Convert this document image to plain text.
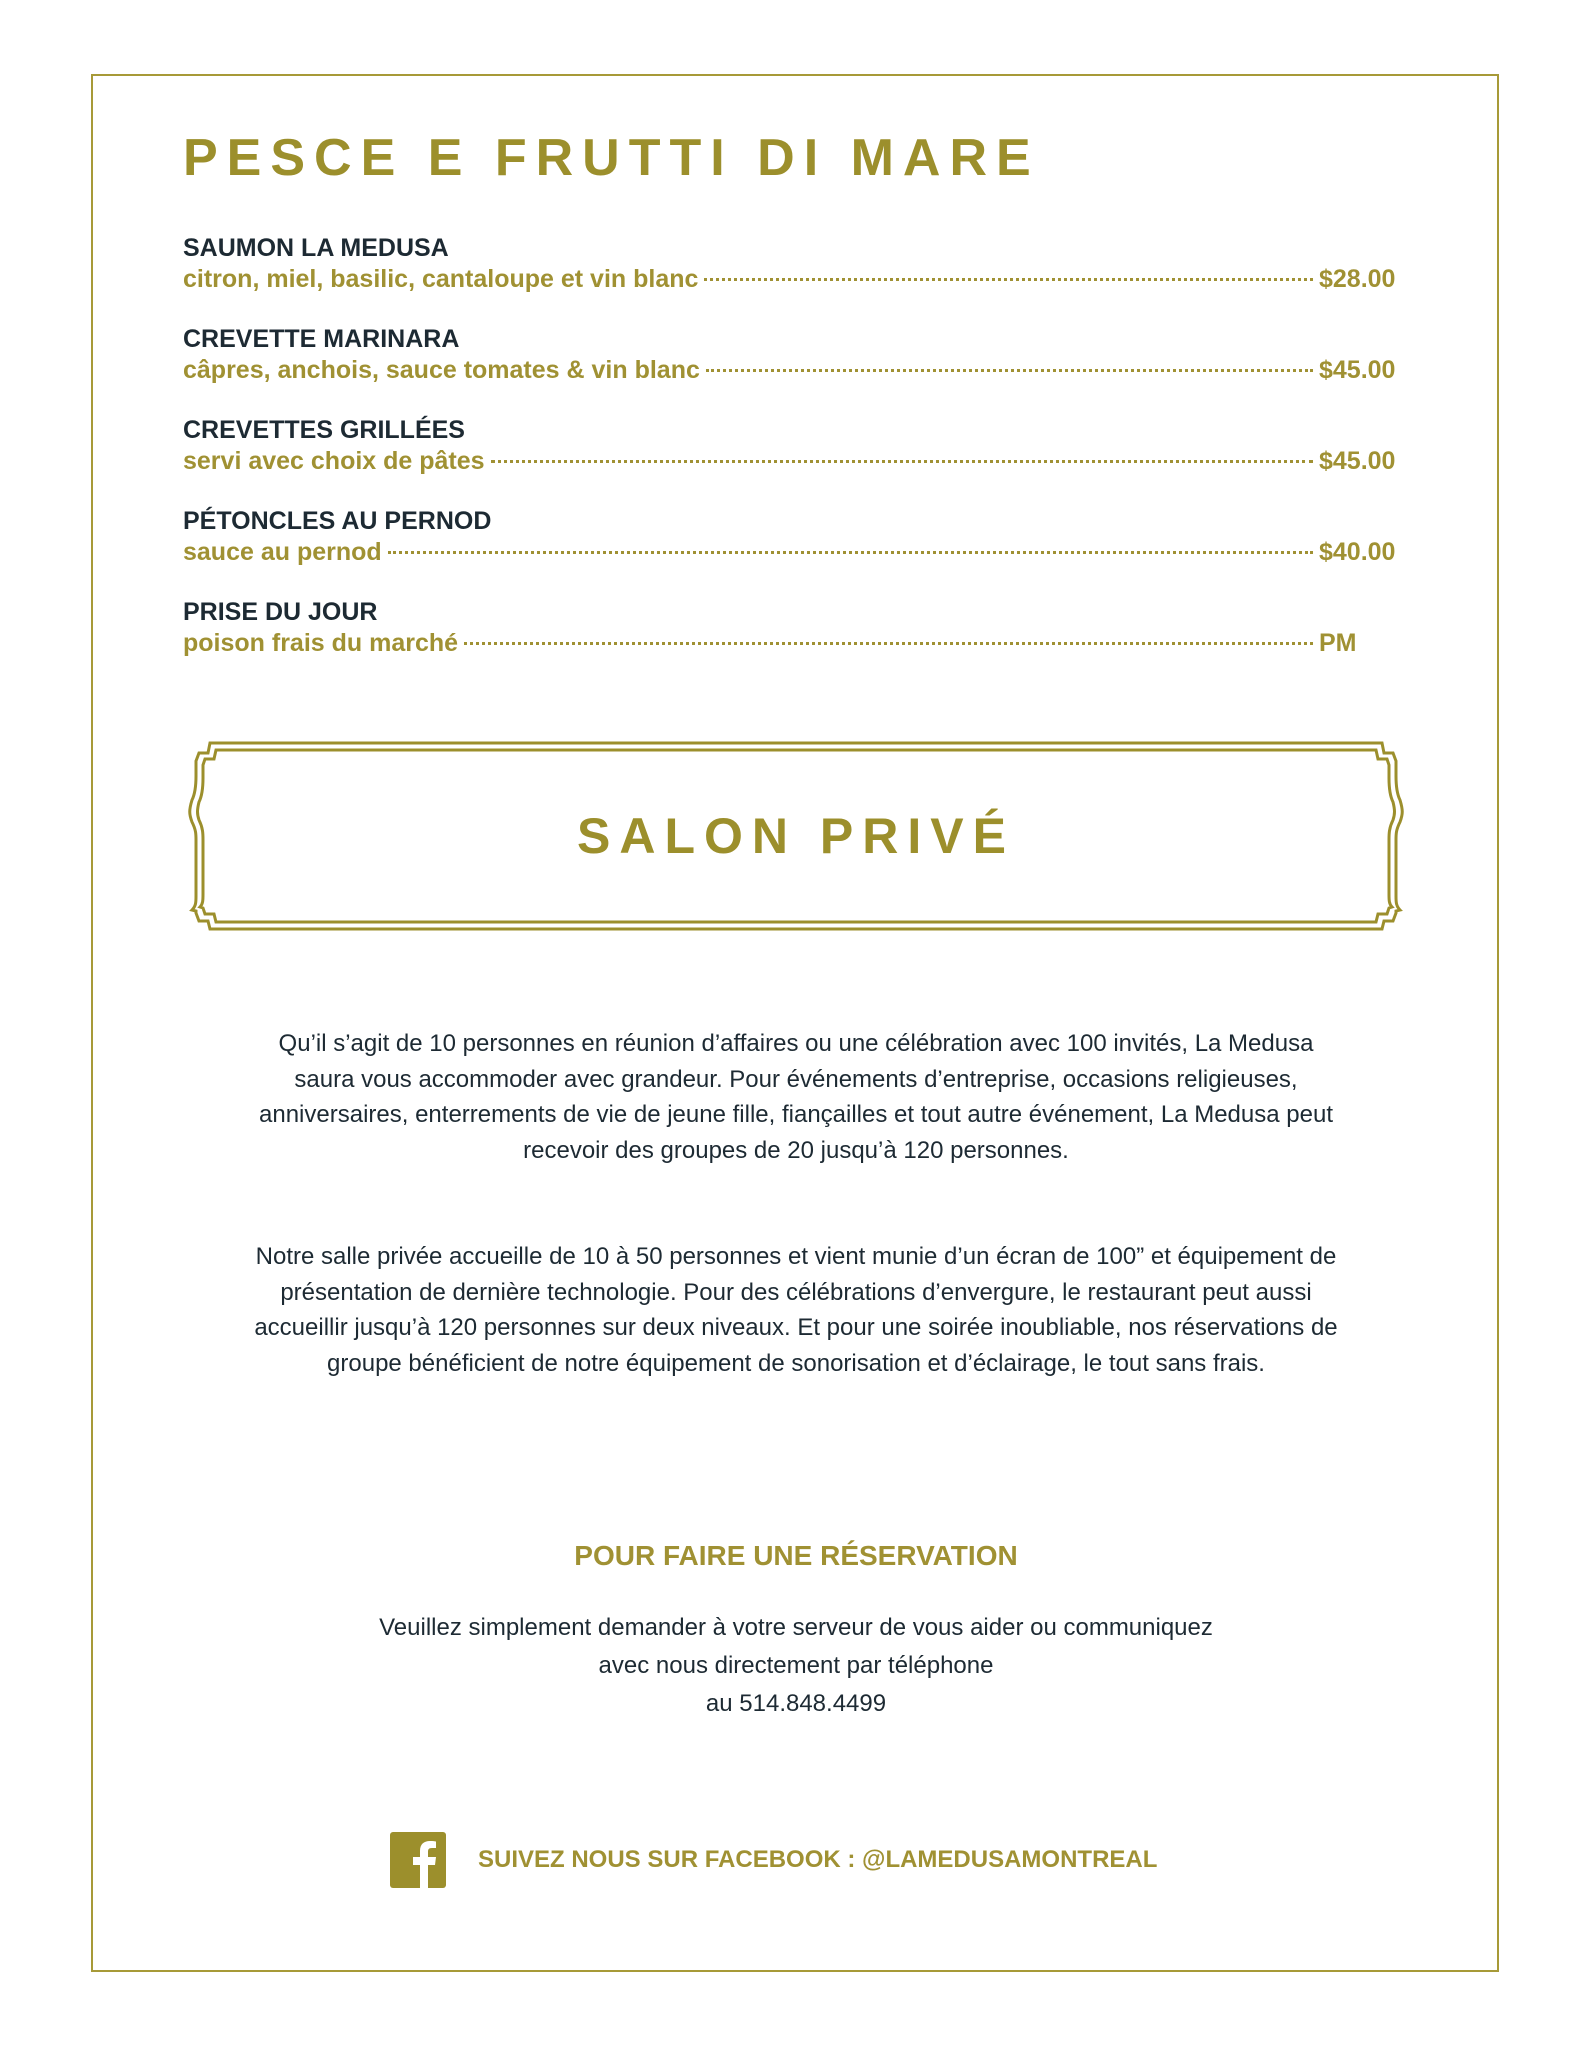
PESCE E FRUTTI DI MARE
SAUMON LA MEDUSA
citron, miel, basilic, cantaloupe et vin blanc	$28.00
CREVETTE MARINARA
câpres, anchois, sauce tomates & vin blanc	$45.00
CREVETTES GRILLÉES
servi avec choix de pâtes	$45.00
PÉTONCLES AU PERNOD
sauce au pernod	$40.00
PRISE DU JOUR
poison frais du marché	PM
SALON PRIVÉ

Qu’il s’agit de 10 personnes en réunion d’affaires ou une célébration avec 100 invités, La Medusa saura vous accommoder avec grandeur. Pour événements d’entreprise, occasions religieuses, anniversaires, enterrements de vie de jeune fille, fiançailles et tout autre événement, La Medusa peut recevoir des groupes de 20 jusqu’à 120 personnes.

Notre salle privée accueille de 10 à 50 personnes et vient munie d’un écran de 100” et équipement de présentation de dernière technologie. Pour des célébrations d’envergure, le restaurant peut aussi accueillir jusqu’à 120 personnes sur deux niveaux. Et pour une soirée inoubliable, nos réservations de groupe bénéficient de notre équipement de sonorisation et d’éclairage, le tout sans frais.

POUR FAIRE UNE RÉSERVATION

Veuillez simplement demander à votre serveur de vous aider ou communiquez
avec nous directement par téléphone
au 514.848.4499

SUIVEZ NOUS SUR FACEBOOK : @LAMEDUSAMONTREAL
